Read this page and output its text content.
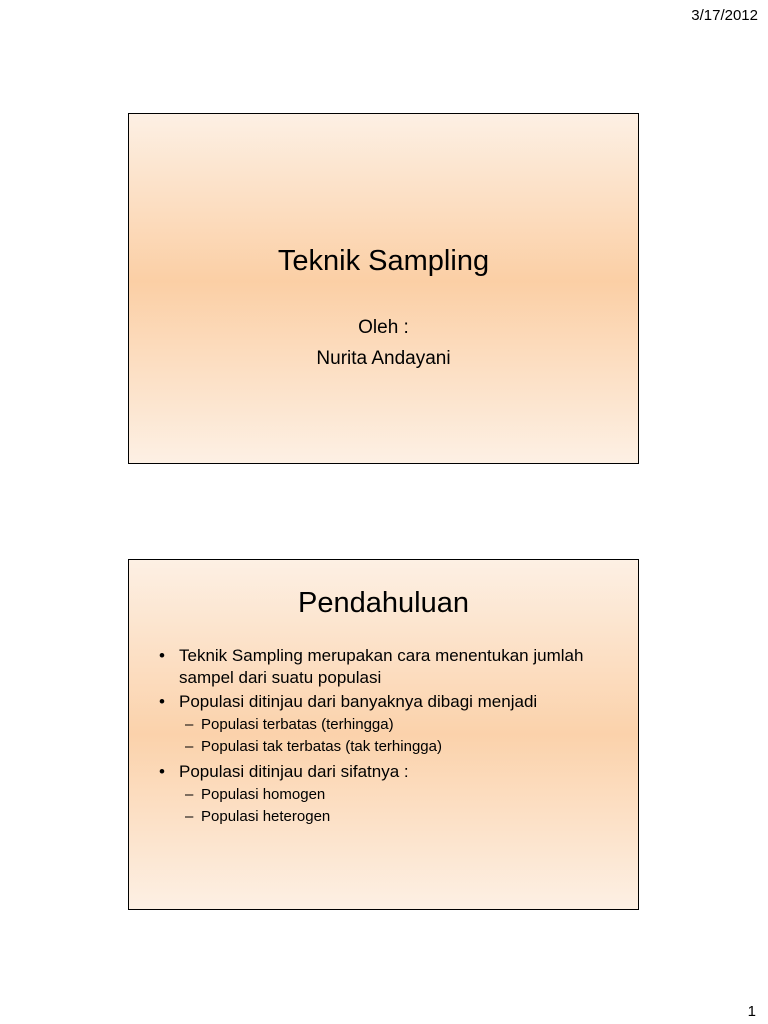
3/17/2012
Teknik Sampling
Oleh :
Nurita Andayani
Pendahuluan
• Teknik Sampling merupakan cara menentukan jumlah sampel dari suatu populasi
• Populasi ditinjau dari banyaknya dibagi menjadi
– Populasi terbatas (terhingga)
– Populasi tak terbatas (tak terhingga)
• Populasi ditinjau dari sifatnya :
– Populasi homogen
– Populasi heterogen
1
